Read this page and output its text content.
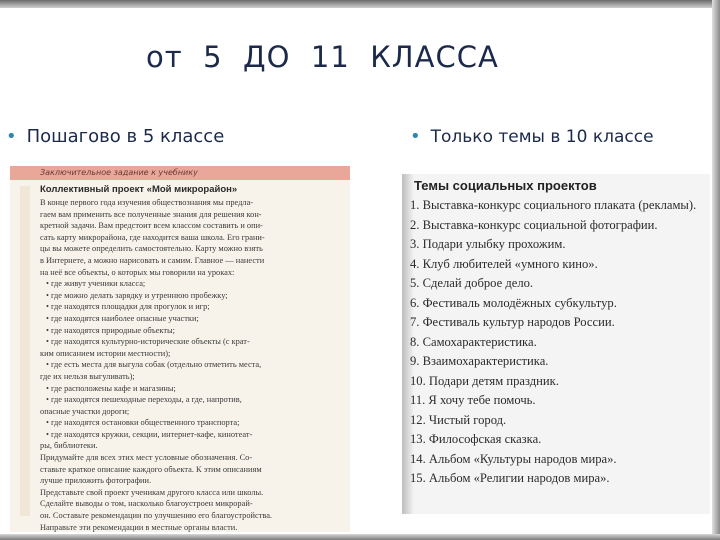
от  5  ДО  11  КЛАССА
• Пошагово в 5 классе	• Только темы в 10 классе
Заключительное задание к учебнику
Коллективный проект «Мой микрорайон»

В конце первого года изучения обществознания мы предла-

гаем вам применить все полученные знания для решения кон-

кретной задачи. Вам предстоит всем классом составить и опи-

сать карту микрорайона, где находится ваша школа. Его грани-

цы вы можете определить самостоятельно. Карту можно взять

в Интернете, а можно нарисовать и самим. Главное — нанести

на неё все объекты, о которых мы говорили на уроках:

• где живут ученики класса;

• где можно делать зарядку и утреннюю пробежку;

• где находятся площадки для прогулок и игр;

• где находятся наиболее опасные участки;

• где находятся природные объекты;

• где находятся культурно-исторические объекты (с крат-

ким описанием истории местности);

• где есть места для выгула собак (отдельно отметить места,

где их нельзя выгуливать);

• где расположены кафе и магазины;

• где находятся пешеходные переходы, а где, напротив,

опасные участки дороги;

• где находятся остановки общественного транспорта;

• где находятся кружки, секции, интернет-кафе, кинотеат-

ры, библиотеки.

Придумайте для всех этих мест условные обозначения. Со-

ставьте краткое описание каждого объекта. К этим описаниям

лучше приложить фотографии.

Представьте свой проект ученикам другого класса или школы.

Сделайте выводы о том, насколько благоустроен микрорай-

он. Составьте рекомендации по улучшению его благоустройства.

Направьте эти рекомендации в местные органы власти.

Темы социальных проектов
1. Выставка-конкурс социального плаката (рекламы).
2. Выставка-конкурс социальной фотографии.
3. Подари улыбку прохожим.
4. Клуб любителей «умного кино».
5. Сделай доброе дело.
6. Фестиваль молодёжных субкультур.
7. Фестиваль культур народов России.
8. Самохарактеристика.
9. Взаимохарактеристика.
10. Подари детям праздник.
11. Я хочу тебе помочь.
12. Чистый город.
13. Философская сказка.
14. Альбом «Культуры народов мира».
15. Альбом «Религии народов мира».
